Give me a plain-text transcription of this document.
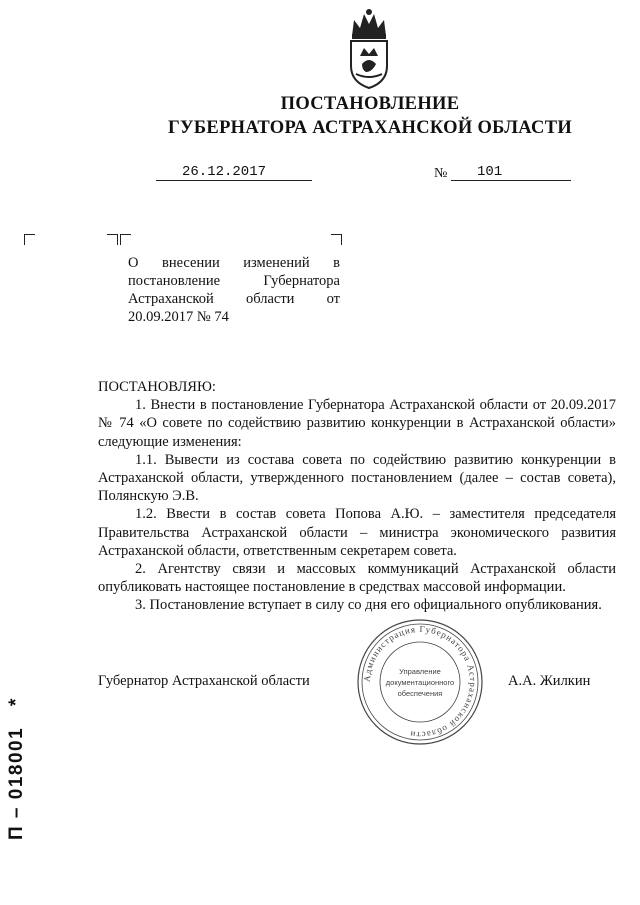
ПОСТАНОВЛЕНИЕ
ГУБЕРНАТОРА АСТРАХАНСКОЙ ОБЛАСТИ
26.12.2017	№	101
О внесении изменений в постановление Губернатора Астраханской области от 20.09.2017 № 74

ПОСТАНОВЛЯЮ:

1. Внести в постановление Губернатора Астраханской области от 20.09.2017 № 74 «О совете по содействию развитию конкуренции в Астраханской области» следующие изменения:

1.1. Вывести из состава совета по содействию развитию конкуренции в Астраханской области, утвержденного постановлением (далее – состав совета), Полянскую Э.В.

1.2. Ввести в состав совета Попова А.Ю. – заместителя председателя Правительства Астраханской области – министра экономического развития Астраханской области, ответственным секретарем совета.

2. Агентству связи и массовых коммуникаций Астраханской области опубликовать настоящее постановление в средствах массовой информации.

3. Постановление вступает в силу со дня его официального опубликования.

Губернатор Астраханской области	Администрация Губернатора Астраханской области
Управление
документационного
обеспечения
А.А. Жилкин
П – 018001 *
